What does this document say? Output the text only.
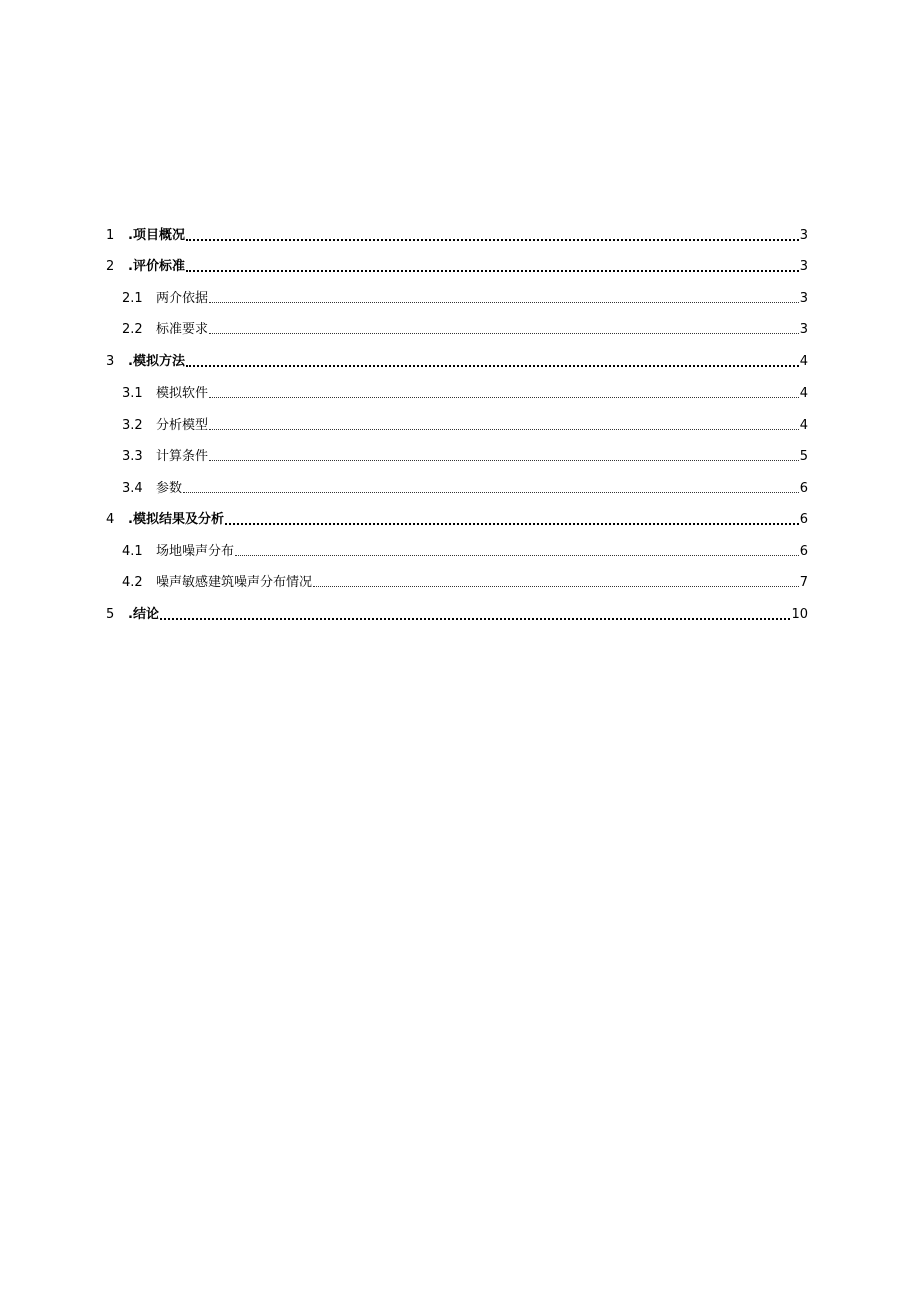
1	.项目概况	3
2	.评价标准	3
2.1	两介依据	3
2.2	标准要求	3
3	.模拟方法	4
3.1	模拟软件	4
3.2	分析模型	4
3.3	计算条件	5
3.4	参数	6
4	.模拟结果及分析	6
4.1	场地噪声分布	6
4.2	噪声敏感建筑噪声分布情况	7
5	.结论	10
